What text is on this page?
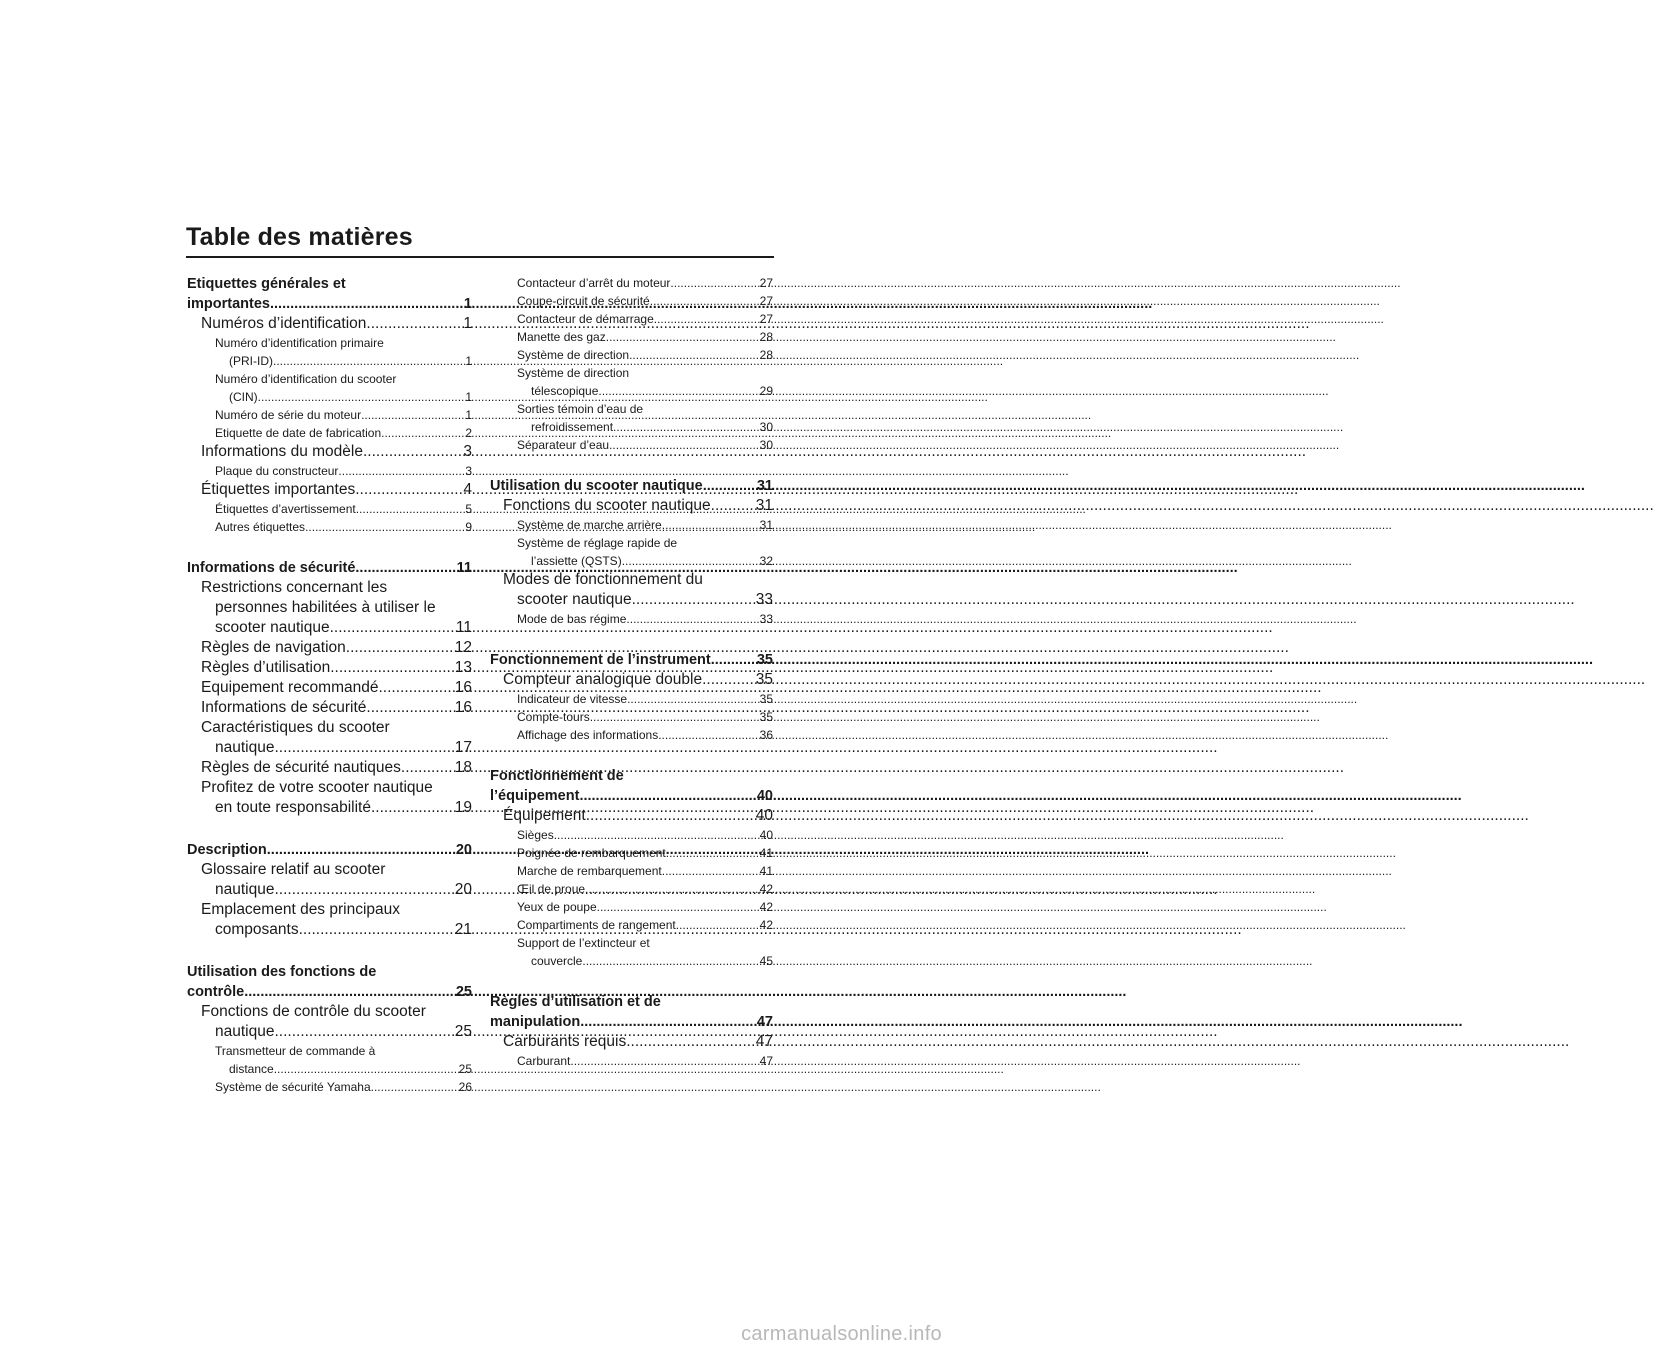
Table des matières
Etiquettes générales et
importantes .....	1
Numéros d’identification .....	1
Numéro d’identification primaire
(PRI-ID) .....	1
Numéro d’identification du scooter
(CIN) .....	1
Numéro de série du moteur .....	1
Etiquette de date de fabrication .....	2
Informations du modèle .....	3
Plaque du constructeur .....	3
Étiquettes importantes .....	4
Étiquettes d’avertissement .....	5
Autres étiquettes .....	9
Informations de sécurité .....	11
Restrictions concernant les
personnes habilitées à utiliser le
scooter nautique .....	11
Règles de navigation .....	12
Règles d’utilisation .....	13
Equipement recommandé .....	16
Informations de sécurité .....	16
Caractéristiques du scooter
nautique .....	17
Règles de sécurité nautiques .....	18
Profitez de votre scooter nautique
en toute responsabilité .....	19
Description .....	20
Glossaire relatif au scooter
nautique .....	20
Emplacement des principaux
composants .....	21
Utilisation des fonctions de
contrôle .....	25
Fonctions de contrôle du scooter
nautique .....	25
Transmetteur de commande à
distance .....	25
Système de sécurité Yamaha .....	26
Contacteur d’arrêt du moteur .....	27
Coupe-circuit de sécurité .....	27
Contacteur de démarrage .....	27
Manette des gaz .....	28
Système de direction .....	28
Système de direction
télescopique .....	29
Sorties témoin d’eau de
refroidissement .....	30
Séparateur d’eau .....	30
Utilisation du scooter nautique .....	31
Fonctions du scooter nautique .....	31
Système de marche arrière .....	31
Système de réglage rapide de
l’assiette (QSTS) .....	32
Modes de fonctionnement du
scooter nautique .....	33
Mode de bas régime .....	33
Fonctionnement de l’instrument .....	35
Compteur analogique double .....	35
Indicateur de vitesse .....	35
Compte-tours .....	35
Affichage des informations .....	36
Fonctionnement de
l’équipement .....	40
Équipement .....	40
Sièges .....	40
Poignée de rembarquement .....	41
Marche de rembarquement .....	41
Œil de proue .....	42
Yeux de poupe .....	42
Compartiments de rangement .....	42
Support de l’extincteur et
couvercle .....	45
Règles d’utilisation et de
manipulation .....	47
Carburants requis .....	47
Carburant .....	47
carmanualsonline.info
